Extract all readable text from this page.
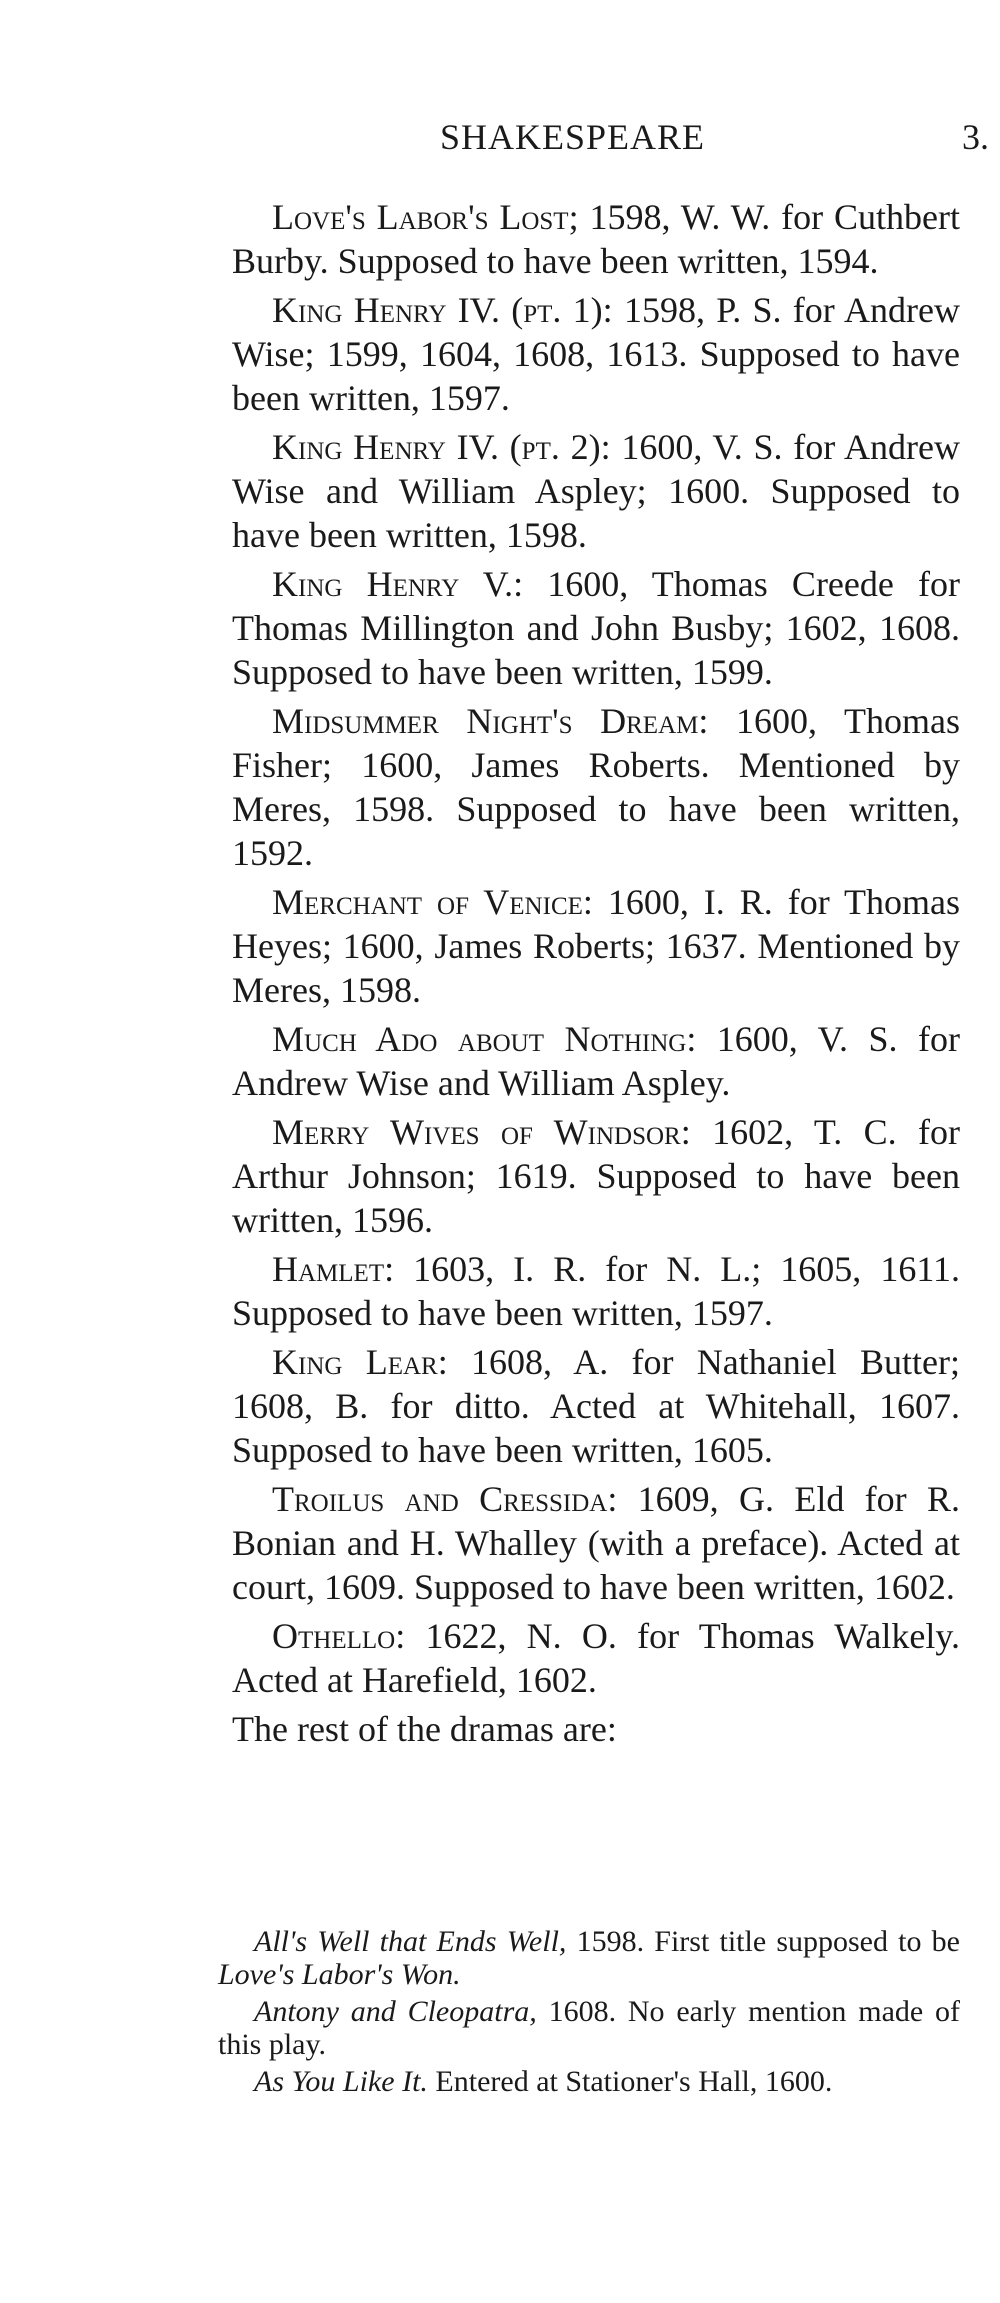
SHAKESPEARE	3.

Love's Labor's Lost; 1598, W. W. for Cuthbert Burby. Supposed to have been written, 1594.

King Henry IV. (pt. 1): 1598, P. S. for Andrew Wise; 1599, 1604, 1608, 1613. Supposed to have been written, 1597.

King Henry IV. (pt. 2): 1600, V. S. for Andrew Wise and William Aspley; 1600. Supposed to have been written, 1598.

King Henry V.: 1600, Thomas Creede for Thomas Millington and John Busby; 1602, 1608. Supposed to have been written, 1599.

Midsummer Night's Dream: 1600, Thomas Fisher; 1600, James Roberts. Mentioned by Meres, 1598. Supposed to have been written, 1592.

Merchant of Venice: 1600, I. R. for Thomas Heyes; 1600, James Roberts; 1637. Mentioned by Meres, 1598.

Much Ado about Nothing: 1600, V. S. for Andrew Wise and William Aspley.

Merry Wives of Windsor: 1602, T. C. for Arthur Johnson; 1619. Supposed to have been written, 1596.

Hamlet: 1603, I. R. for N. L.; 1605, 1611. Supposed to have been written, 1597.

King Lear: 1608, A. for Nathaniel Butter; 1608, B. for ditto. Acted at Whitehall, 1607. Supposed to have been written, 1605.

Troilus and Cressida: 1609, G. Eld for R. Bonian and H. Whalley (with a preface). Acted at court, 1609. Supposed to have been written, 1602.

Othello: 1622, N. O. for Thomas Walkely. Acted at Harefield, 1602.

The rest of the dramas are:

All's Well that Ends Well, 1598. First title supposed to be Love's Labor's Won.

Antony and Cleopatra, 1608. No early mention made of this play.

As You Like It. Entered at Stationer's Hall, 1600.
